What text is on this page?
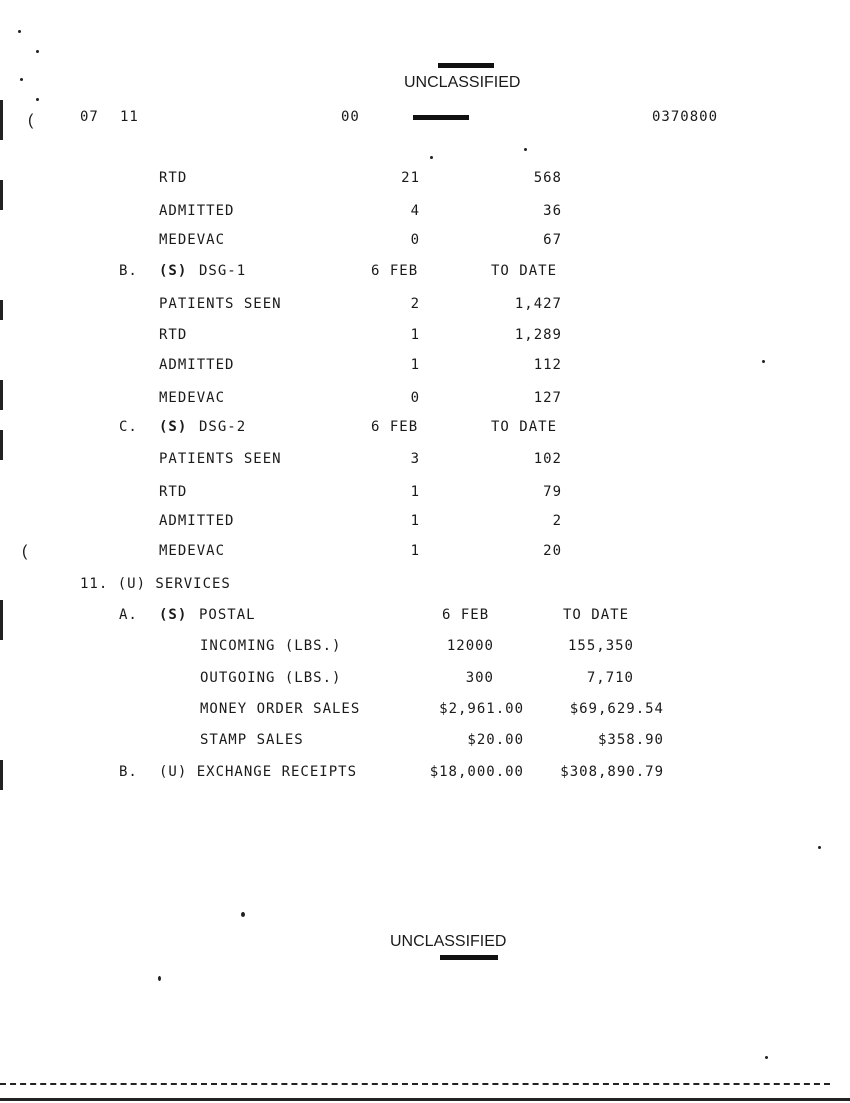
(
(
UNCLASSIFIED
07 11	00	0370800
RTD	21	568
ADMITTED	4	36
MEDEVAC	0	67
B. (S) DSG-1	6 FEB	TO DATE
PATIENTS SEEN	2	1,427
RTD	1	1,289
ADMITTED	1	112
MEDEVAC	0	127
C. (S) DSG-2	6 FEB	TO DATE
PATIENTS SEEN	3	102
RTD	1	79
ADMITTED	1	2
MEDEVAC	1	20
11. (U) SERVICES
A. (S) POSTAL	6 FEB	TO DATE
INCOMING (LBS.)	12000	155,350
OUTGOING (LBS.)	300	7,710
MONEY ORDER SALES	$2,961.00	$69,629.54
STAMP SALES	$20.00	$358.90
B. (U) EXCHANGE RECEIPTS	$18,000.00	$308,890.79
UNCLASSIFIED
